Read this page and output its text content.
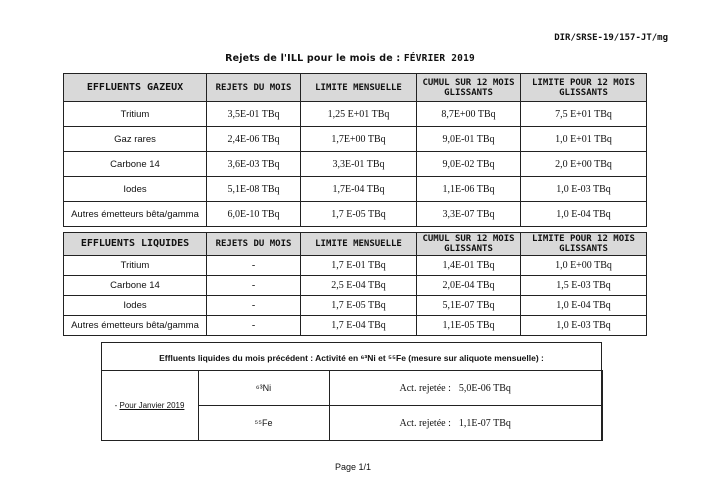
DIR/SRSE-19/157-JT/mg
Rejets de l'ILL pour le mois de : FÉVRIER 2019
EFFLUENTS GAZEUX	REJETS DU MOIS	LIMITE MENSUELLE	CUMUL SUR 12 MOIS GLISSANTS	LIMITE POUR 12 MOIS GLISSANTS
Tritium	3,5E-01 TBq	1,25 E+01 TBq	8,7E+00 TBq	7,5 E+01 TBq
Gaz rares	2,4E-06 TBq	1,7E+00 TBq	9,0E-01 TBq	1,0 E+01 TBq
Carbone 14	3,6E-03 TBq	3,3E-01 TBq	9,0E-02 TBq	2,0 E+00 TBq
Iodes	5,1E-08 TBq	1,7E-04 TBq	1,1E-06 TBq	1,0 E-03 TBq
Autres émetteurs bêta/gamma	6,0E-10 TBq	1,7 E-05 TBq	3,3E-07 TBq	1,0 E-04 TBq
EFFLUENTS LIQUIDES	REJETS DU MOIS	LIMITE MENSUELLE	CUMUL SUR 12 MOIS GLISSANTS	LIMITE POUR 12 MOIS GLISSANTS
Tritium	-	1,7 E-01 TBq	1,4E-01 TBq	1,0 E+00 TBq
Carbone 14	-	2,5 E-04 TBq	2,0E-04 TBq	1,5 E-03 TBq
Iodes	-	1,7 E-05 TBq	5,1E-07 TBq	1,0 E-04 TBq
Autres émetteurs bêta/gamma	-	1,7 E-04 TBq	1,1E-05 TBq	1,0 E-03 TBq
Effluents liquides du mois précédent : Activité en ⁶³Ni et ⁵⁵Fe (mesure sur aliquote mensuelle) :
- Pour Janvier 2019	⁶³Ni	Act. rejetée : 5,0E-06 TBq
	⁵⁵Fe	Act. rejetée : 1,1E-07 TBq
Page 1/1
